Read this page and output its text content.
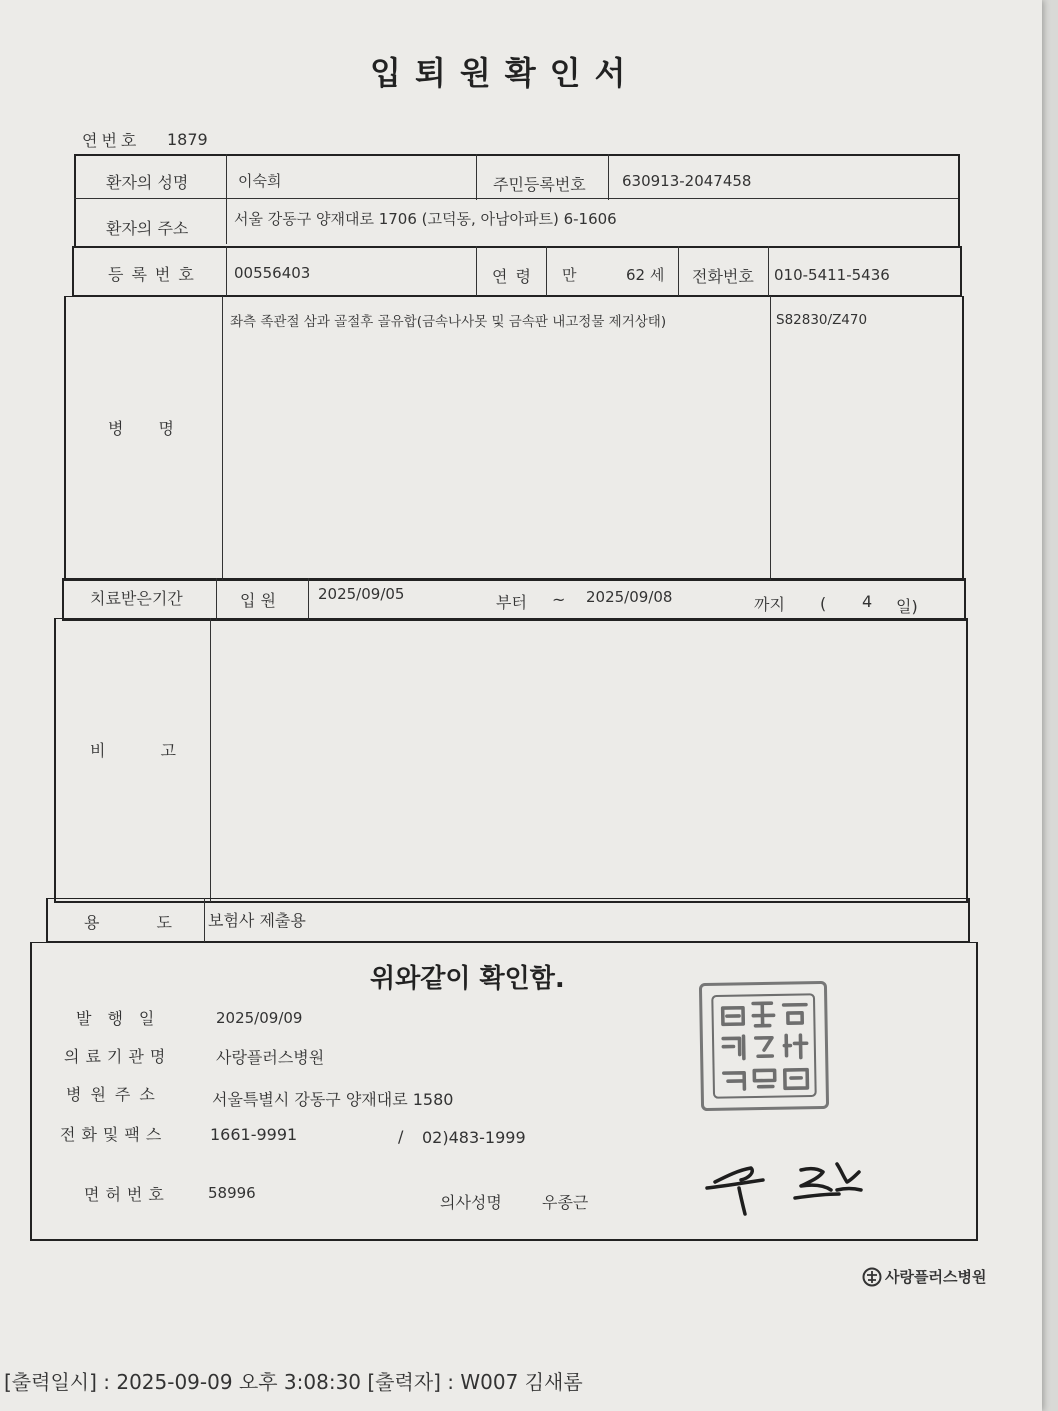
입퇴원확인서
연번호 1879
환자의 성명	이숙희	주민등록번호 630913-2047458
환자의 주소	서울 강동구 양재대로 1706 (고덕동, 아남아파트) 6-1606
등록번호 00556403	연령 만	62 세 전화번호 010-5411-5436
병 명
좌측 족관절 삼과 골절후 골유합(금속나사못 및 금속판 내고정물 제거상태)	S82830/Z470
치료받은기간	입 원	2025/09/05	부터 ~ 2025/09/08	까지 ( 4 일)
비 고
용 도 보험사 제출용
위와같이 확인함.
발행일	2025/09/09
의료기관명	사랑플러스병원
병원주소	서울특별시 강동구 양재대로 1580
전화및팩스	1661-9991	/ 02)483-1999
면허번호	58996	의사성명	우종근
사랑플러스병원
[출력일시] : 2025-09-09 오후 3:08:30 [출력자] : W007 김새롬
